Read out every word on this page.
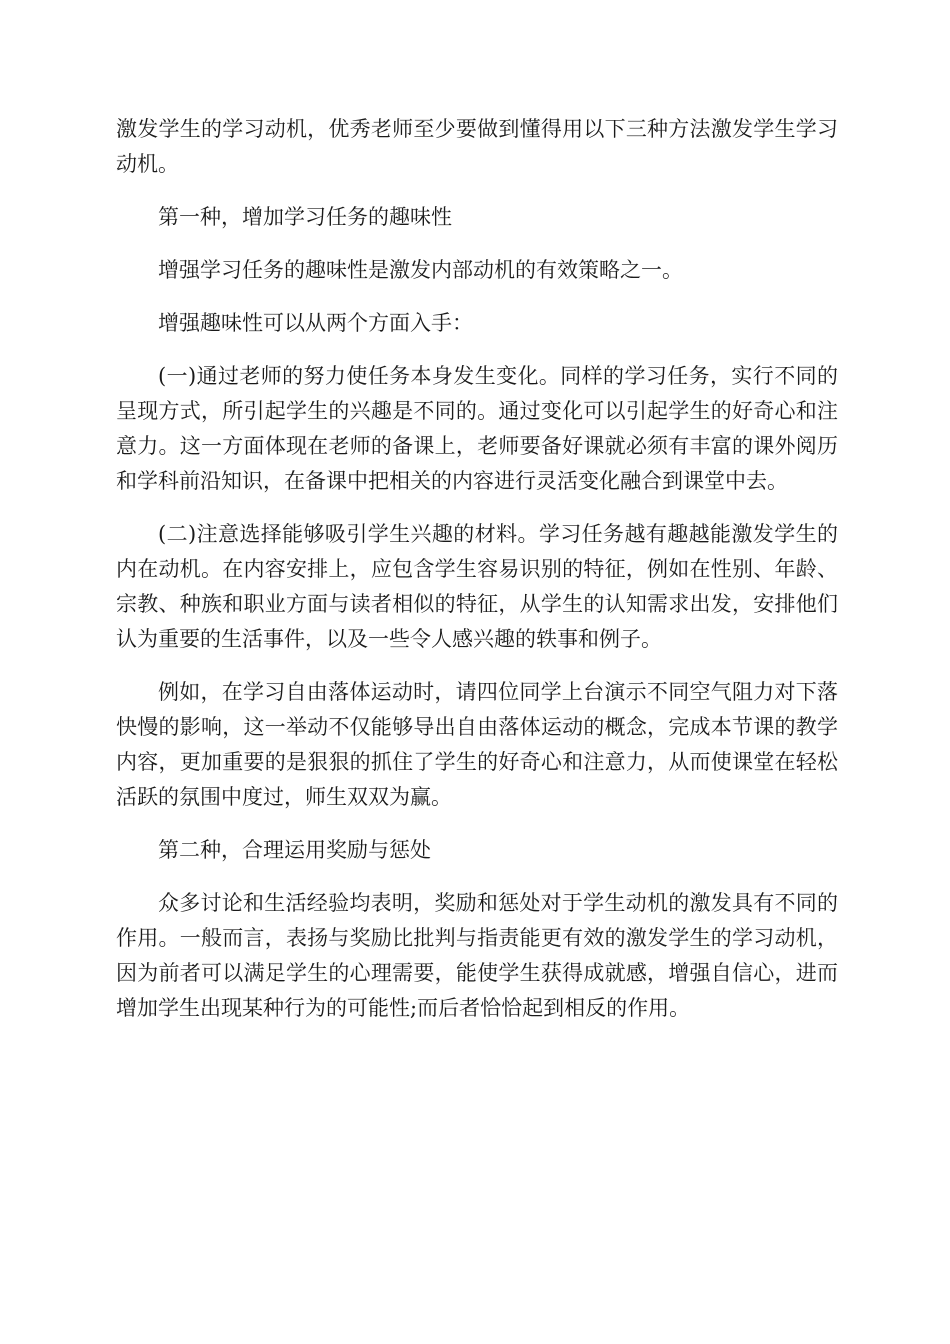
激发学生的学习动机，优秀老师至少要做到懂得用以下三种方法激发学生学习动机。

第一种，增加学习任务的趣味性

增强学习任务的趣味性是激发内部动机的有效策略之一。

增强趣味性可以从两个方面入手：

(一)通过老师的努力使任务本身发生变化。同样的学习任务，实行不同的呈现方式，所引起学生的兴趣是不同的。通过变化可以引起学生的好奇心和注意力。这一方面体现在老师的备课上，老师要备好课就必须有丰富的课外阅历和学科前沿知识，在备课中把相关的内容进行灵活变化融合到课堂中去。

(二)注意选择能够吸引学生兴趣的材料。学习任务越有趣越能激发学生的内在动机。在内容安排上，应包含学生容易识别的特征，例如在性别、年龄、宗教、种族和职业方面与读者相似的特征，从学生的认知需求出发，安排他们认为重要的生活事件，以及一些令人感兴趣的轶事和例子。

例如，在学习自由落体运动时，请四位同学上台演示不同空气阻力对下落快慢的影响，这一举动不仅能够导出自由落体运动的概念，完成本节课的教学内容，更加重要的是狠狠的抓住了学生的好奇心和注意力，从而使课堂在轻松活跃的氛围中度过，师生双双为赢。

第二种，合理运用奖励与惩处

众多讨论和生活经验均表明，奖励和惩处对于学生动机的激发具有不同的作用。一般而言，表扬与奖励比批判与指责能更有效的激发学生的学习动机，因为前者可以满足学生的心理需要，能使学生获得成就感，增强自信心，进而增加学生出现某种行为的可能性;而后者恰恰起到相反的作用。
